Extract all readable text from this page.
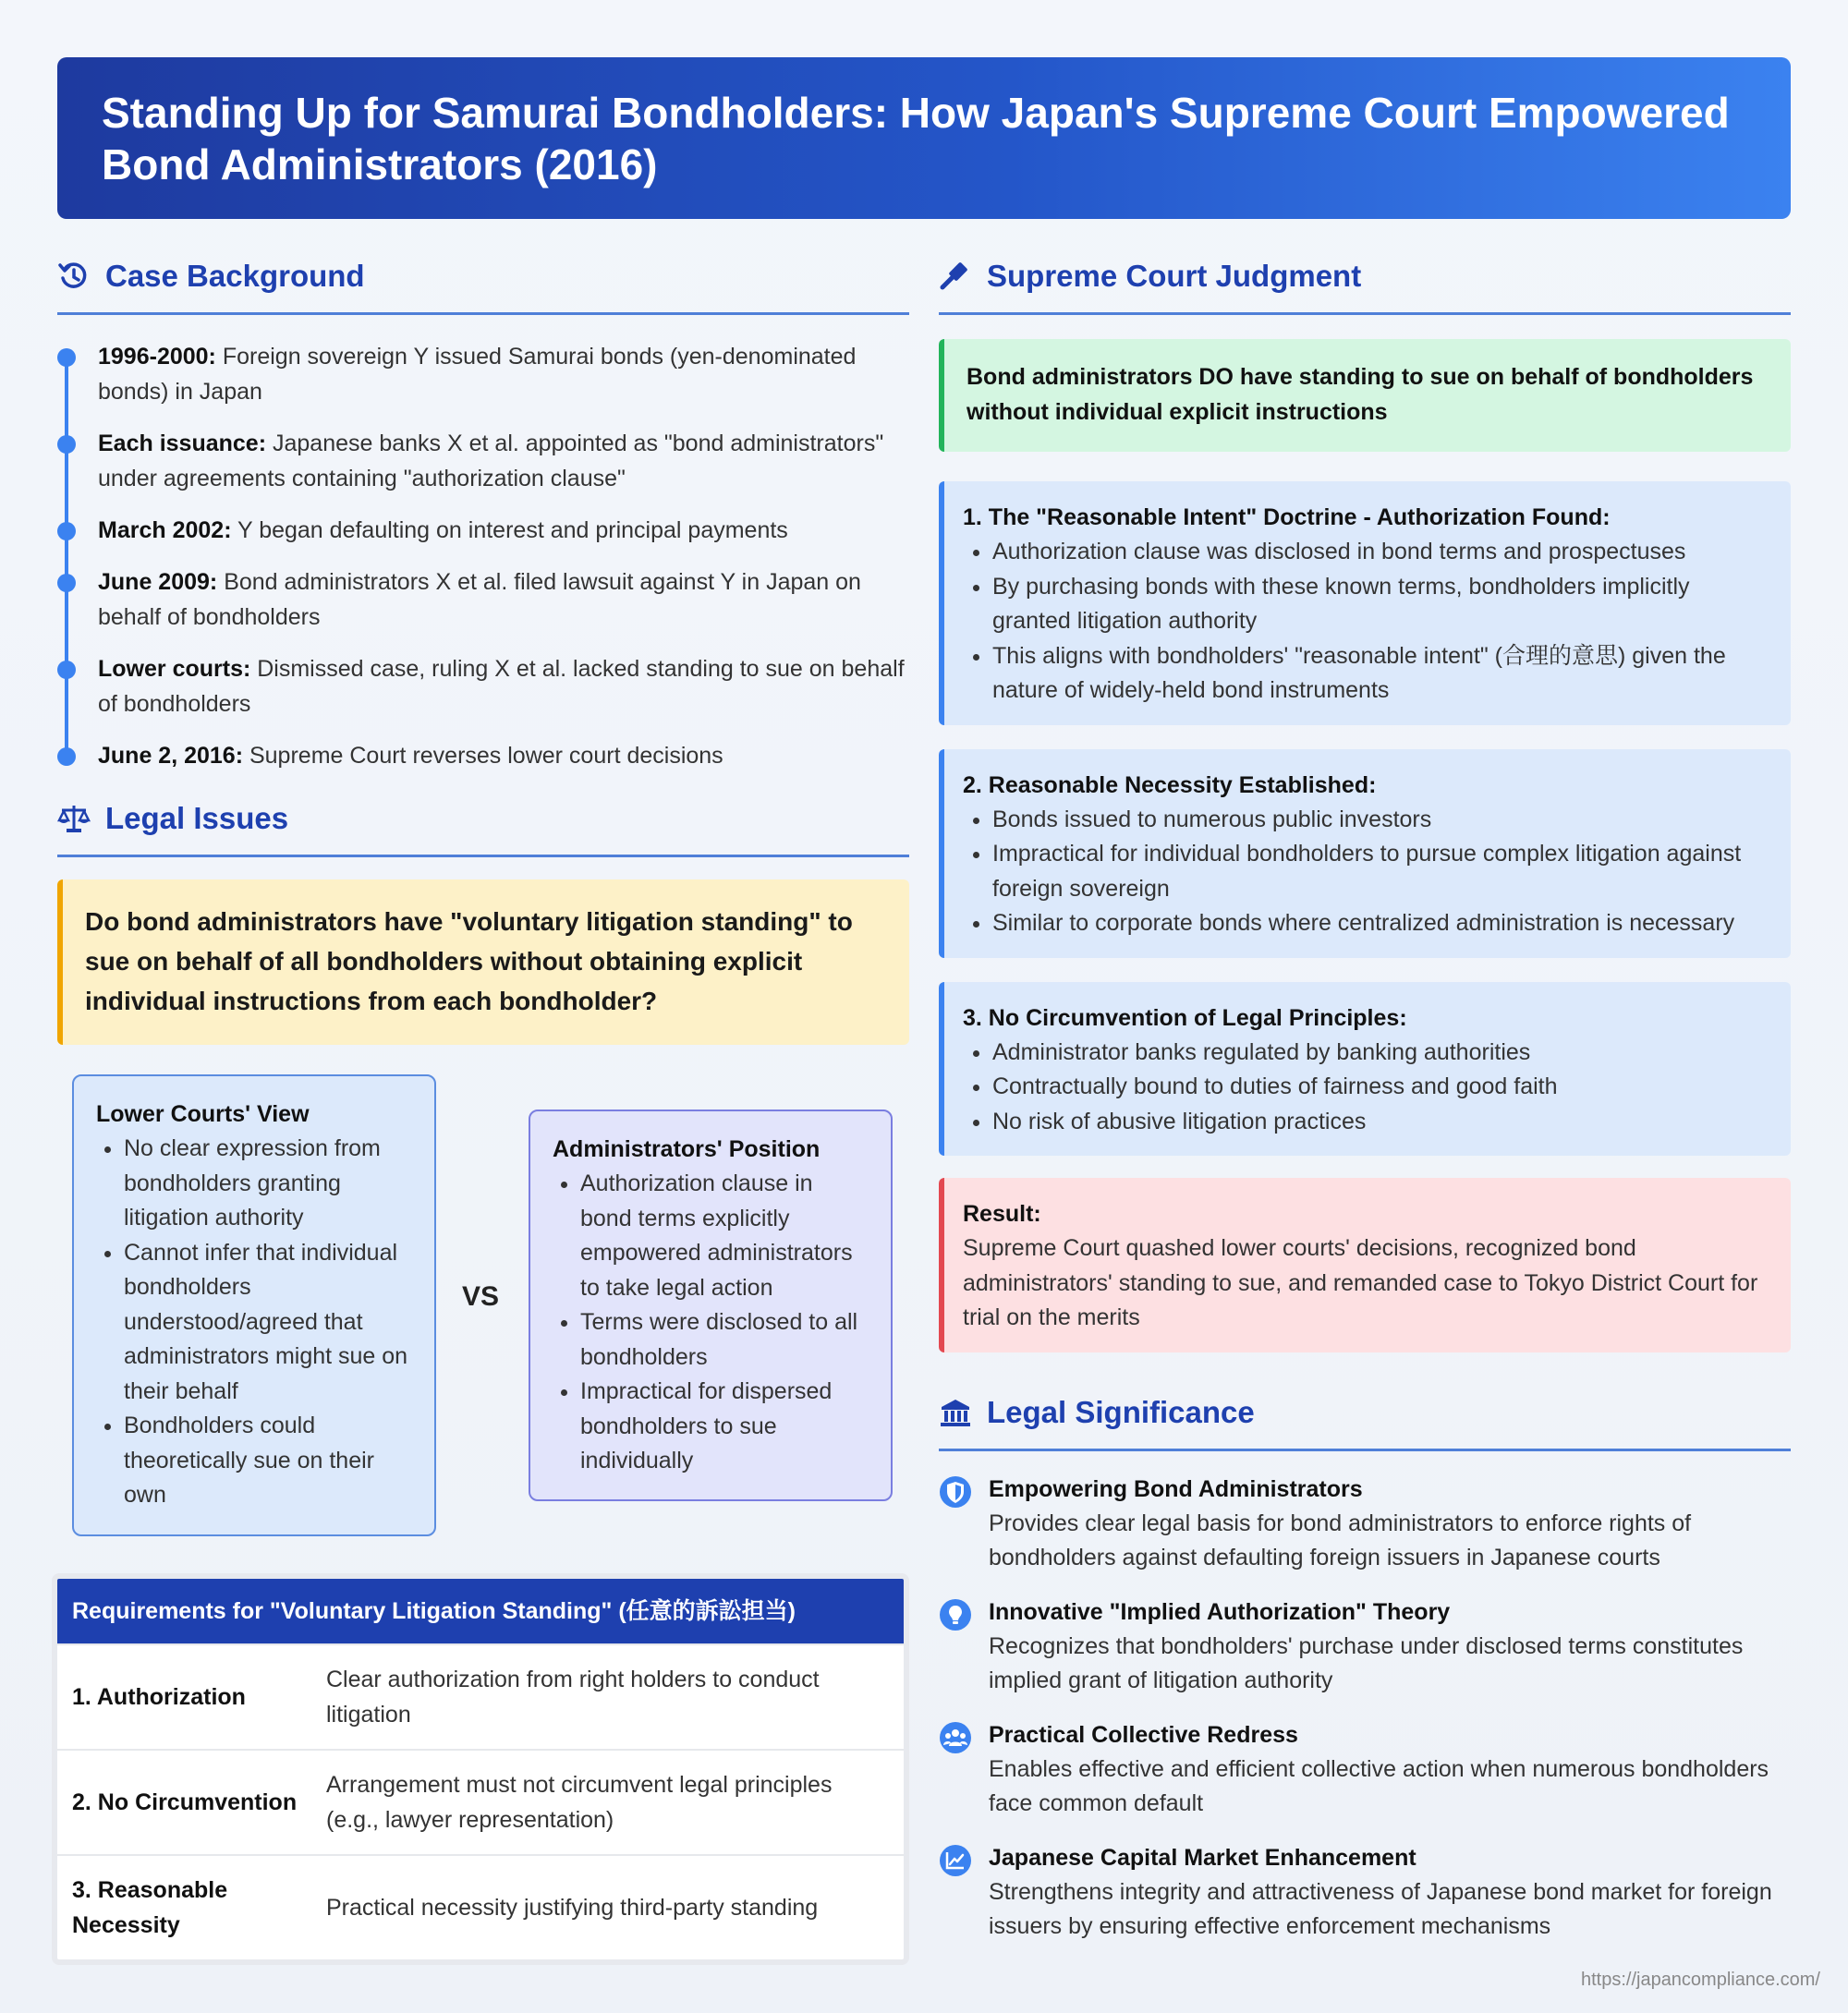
Standing Up for Samurai Bondholders: How Japan's Supreme Court Empowered Bond Administrators (2016)
Case Background
1996-2000: Foreign sovereign Y issued Samurai bonds (yen-denominated bonds) in Japan
Each issuance: Japanese banks X et al. appointed as "bond administrators" under agreements containing "authorization clause"
March 2002: Y began defaulting on interest and principal payments
June 2009: Bond administrators X et al. filed lawsuit against Y in Japan on behalf of bondholders
Lower courts: Dismissed case, ruling X et al. lacked standing to sue on behalf of bondholders
June 2, 2016: Supreme Court reverses lower court decisions
Legal Issues
Do bond administrators have "voluntary litigation standing" to sue on behalf of all bondholders without obtaining explicit individual instructions from each bondholder?
Lower Courts' View
• No clear expression from bondholders granting litigation authority
• Cannot infer that individual bondholders understood/agreed that administrators might sue on their behalf
• Bondholders could theoretically sue on their own
VS
Administrators' Position
• Authorization clause in bond terms explicitly empowered administrators to take legal action
• Terms were disclosed to all bondholders
• Impractical for dispersed bondholders to sue individually
Requirements for "Voluntary Litigation Standing" (任意的訴訟担当)
1. Authorization
Clear authorization from right holders to conduct litigation
2. No Circumvention
Arrangement must not circumvent legal principles (e.g., lawyer representation)
3. Reasonable Necessity
Practical necessity justifying third-party standing
Supreme Court Judgment
Bond administrators DO have standing to sue on behalf of bondholders without individual explicit instructions
1. The "Reasonable Intent" Doctrine - Authorization Found:
• Authorization clause was disclosed in bond terms and prospectuses
• By purchasing bonds with these known terms, bondholders implicitly granted litigation authority
• This aligns with bondholders' "reasonable intent" (合理的意思) given the nature of widely-held bond instruments
2. Reasonable Necessity Established:
• Bonds issued to numerous public investors
• Impractical for individual bondholders to pursue complex litigation against foreign sovereign
• Similar to corporate bonds where centralized administration is necessary
3. No Circumvention of Legal Principles:
• Administrator banks regulated by banking authorities
• Contractually bound to duties of fairness and good faith
• No risk of abusive litigation practices
Result:

Supreme Court quashed lower courts' decisions, recognized bond administrators' standing to sue, and remanded case to Tokyo District Court for trial on the merits

Legal Significance
Empowering Bond Administrators

Provides clear legal basis for bond administrators to enforce rights of bondholders against defaulting foreign issuers in Japanese courts

Innovative "Implied Authorization" Theory

Recognizes that bondholders' purchase under disclosed terms constitutes implied grant of litigation authority

Practical Collective Redress

Enables effective and efficient collective action when numerous bondholders face common default

Japanese Capital Market Enhancement

Strengthens integrity and attractiveness of Japanese bond market for foreign issuers by ensuring effective enforcement mechanisms

https://japancompliance.com/
